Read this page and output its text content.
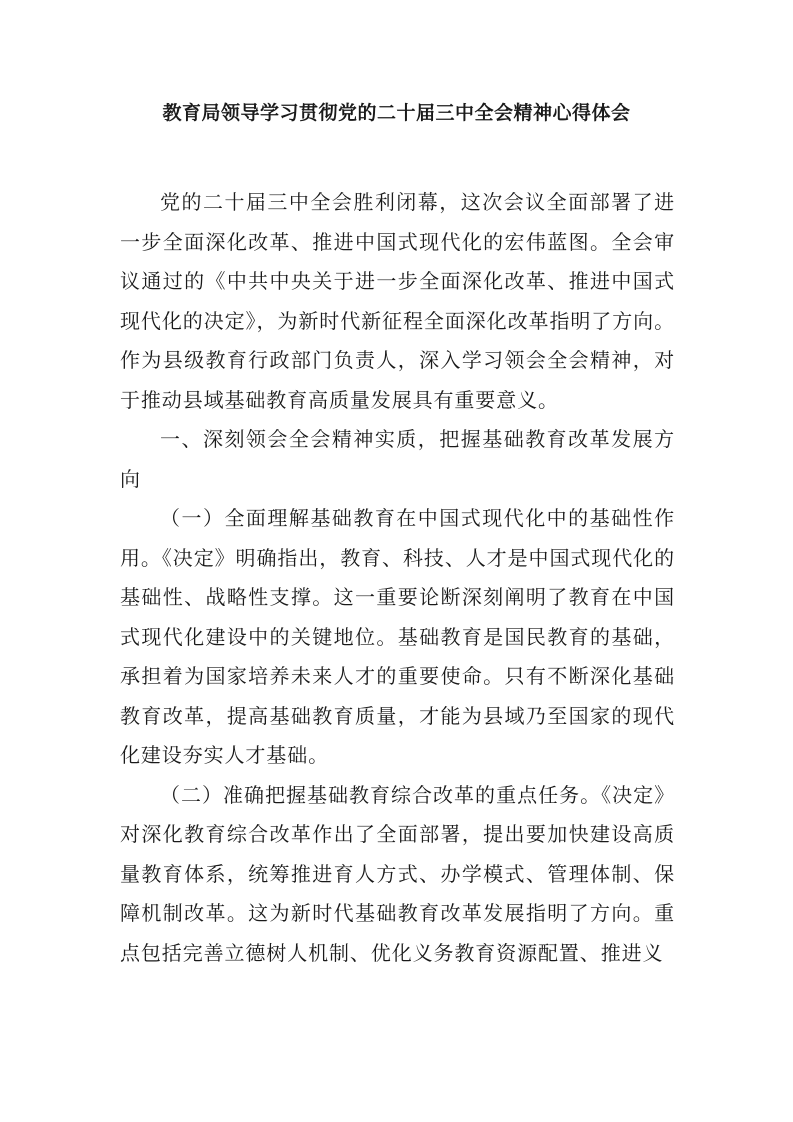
教育局领导学习贯彻党的二十届三中全会精神心得体会

党的二十届三中全会胜利闭幕，这次会议全面部署了进一步全面深化改革、推进中国式现代化的宏伟蓝图。全会审议通过的《中共中央关于进一步全面深化改革、推进中国式现代化的决定》，为新时代新征程全面深化改革指明了方向。作为县级教育行政部门负责人，深入学习领会全会精神，对于推动县域基础教育高质量发展具有重要意义。

一、深刻领会全会精神实质，把握基础教育改革发展方向

（一）全面理解基础教育在中国式现代化中的基础性作用。《决定》明确指出，教育、科技、人才是中国式现代化的基础性、战略性支撑。这一重要论断深刻阐明了教育在中国式现代化建设中的关键地位。基础教育是国民教育的基础，承担着为国家培养未来人才的重要使命。只有不断深化基础教育改革，提高基础教育质量，才能为县域乃至国家的现代化建设夯实人才基础。

（二）准确把握基础教育综合改革的重点任务。《决定》对深化教育综合改革作出了全面部署，提出要加快建设高质量教育体系，统筹推进育人方式、办学模式、管理体制、保障机制改革。这为新时代基础教育改革发展指明了方向。重点包括完善立德树人机制、优化义务教育资源配置、推进义
